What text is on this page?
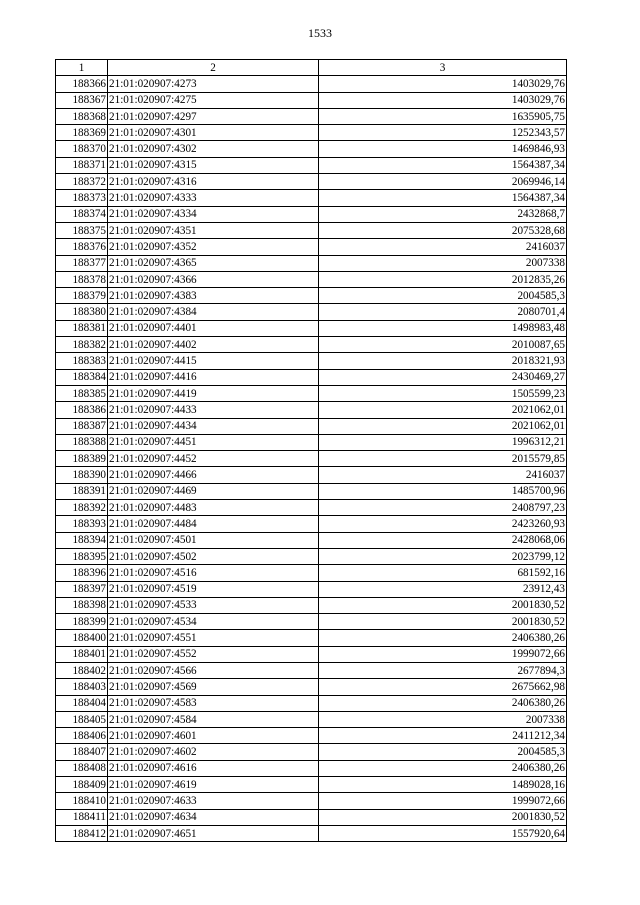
1533
1	2	3
188366	21:01:020907:4273	1403029,76
188367	21:01:020907:4275	1403029,76
188368	21:01:020907:4297	1635905,75
188369	21:01:020907:4301	1252343,57
188370	21:01:020907:4302	1469846,93
188371	21:01:020907:4315	1564387,34
188372	21:01:020907:4316	2069946,14
188373	21:01:020907:4333	1564387,34
188374	21:01:020907:4334	2432868,7
188375	21:01:020907:4351	2075328,68
188376	21:01:020907:4352	2416037
188377	21:01:020907:4365	2007338
188378	21:01:020907:4366	2012835,26
188379	21:01:020907:4383	2004585,3
188380	21:01:020907:4384	2080701,4
188381	21:01:020907:4401	1498983,48
188382	21:01:020907:4402	2010087,65
188383	21:01:020907:4415	2018321,93
188384	21:01:020907:4416	2430469,27
188385	21:01:020907:4419	1505599,23
188386	21:01:020907:4433	2021062,01
188387	21:01:020907:4434	2021062,01
188388	21:01:020907:4451	1996312,21
188389	21:01:020907:4452	2015579,85
188390	21:01:020907:4466	2416037
188391	21:01:020907:4469	1485700,96
188392	21:01:020907:4483	2408797,23
188393	21:01:020907:4484	2423260,93
188394	21:01:020907:4501	2428068,06
188395	21:01:020907:4502	2023799,12
188396	21:01:020907:4516	681592,16
188397	21:01:020907:4519	23912,43
188398	21:01:020907:4533	2001830,52
188399	21:01:020907:4534	2001830,52
188400	21:01:020907:4551	2406380,26
188401	21:01:020907:4552	1999072,66
188402	21:01:020907:4566	2677894,3
188403	21:01:020907:4569	2675662,98
188404	21:01:020907:4583	2406380,26
188405	21:01:020907:4584	2007338
188406	21:01:020907:4601	2411212,34
188407	21:01:020907:4602	2004585,3
188408	21:01:020907:4616	2406380,26
188409	21:01:020907:4619	1489028,16
188410	21:01:020907:4633	1999072,66
188411	21:01:020907:4634	2001830,52
188412	21:01:020907:4651	1557920,64
